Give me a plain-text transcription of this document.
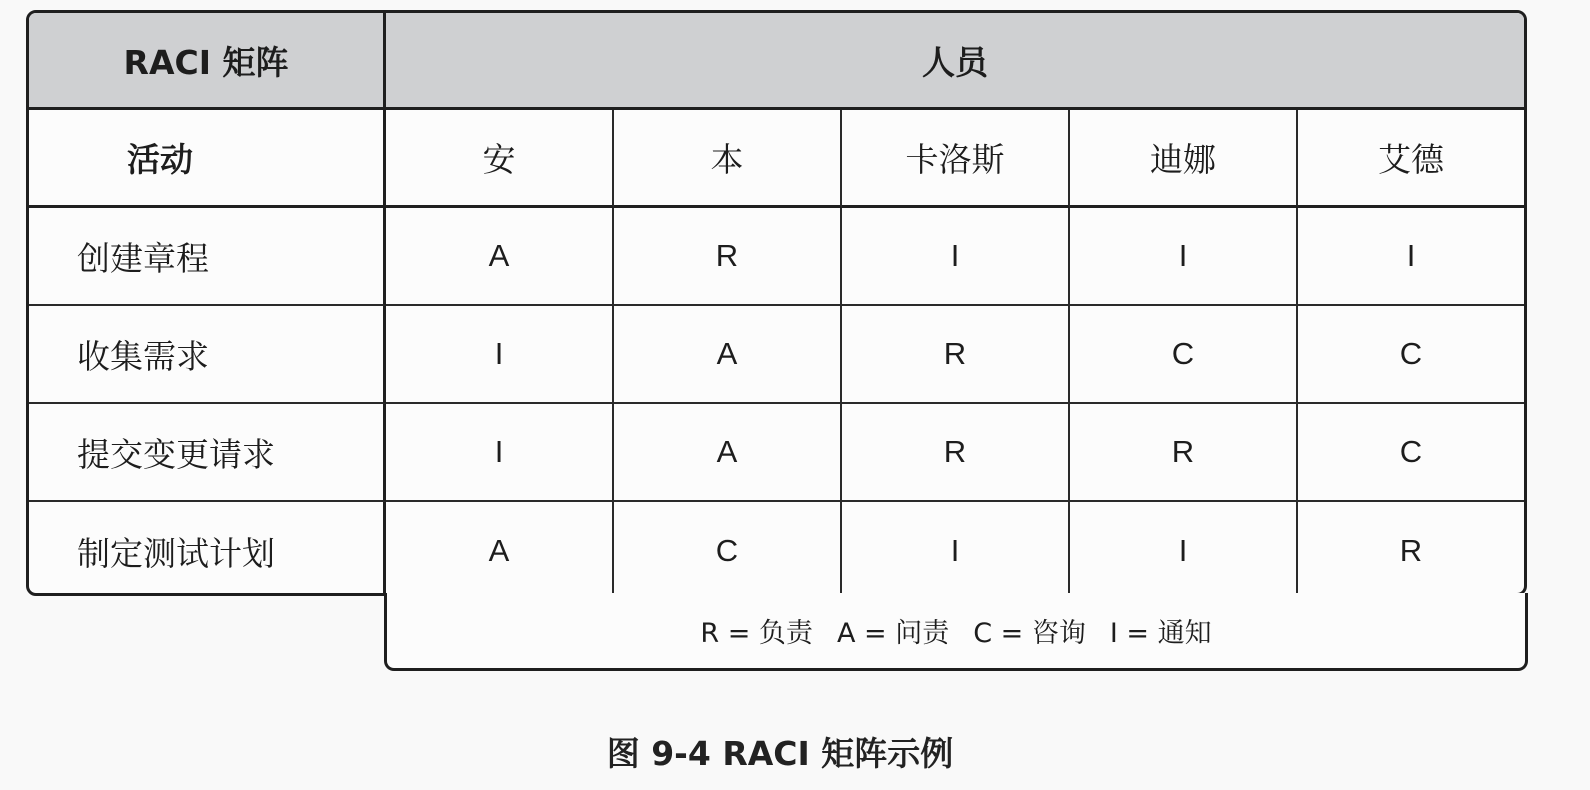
RACI 矩阵	人员
活动	安	本	卡洛斯	迪娜	艾德
创建章程	A	R	I	I	I
收集需求	I	A	R	C	C
提交变更请求	I	A	R	R	C
制定测试计划	A	C	I	I	R
R = 负责 A = 问责 C = 咨询 I = 通知
图 9-4 RACI 矩阵示例
